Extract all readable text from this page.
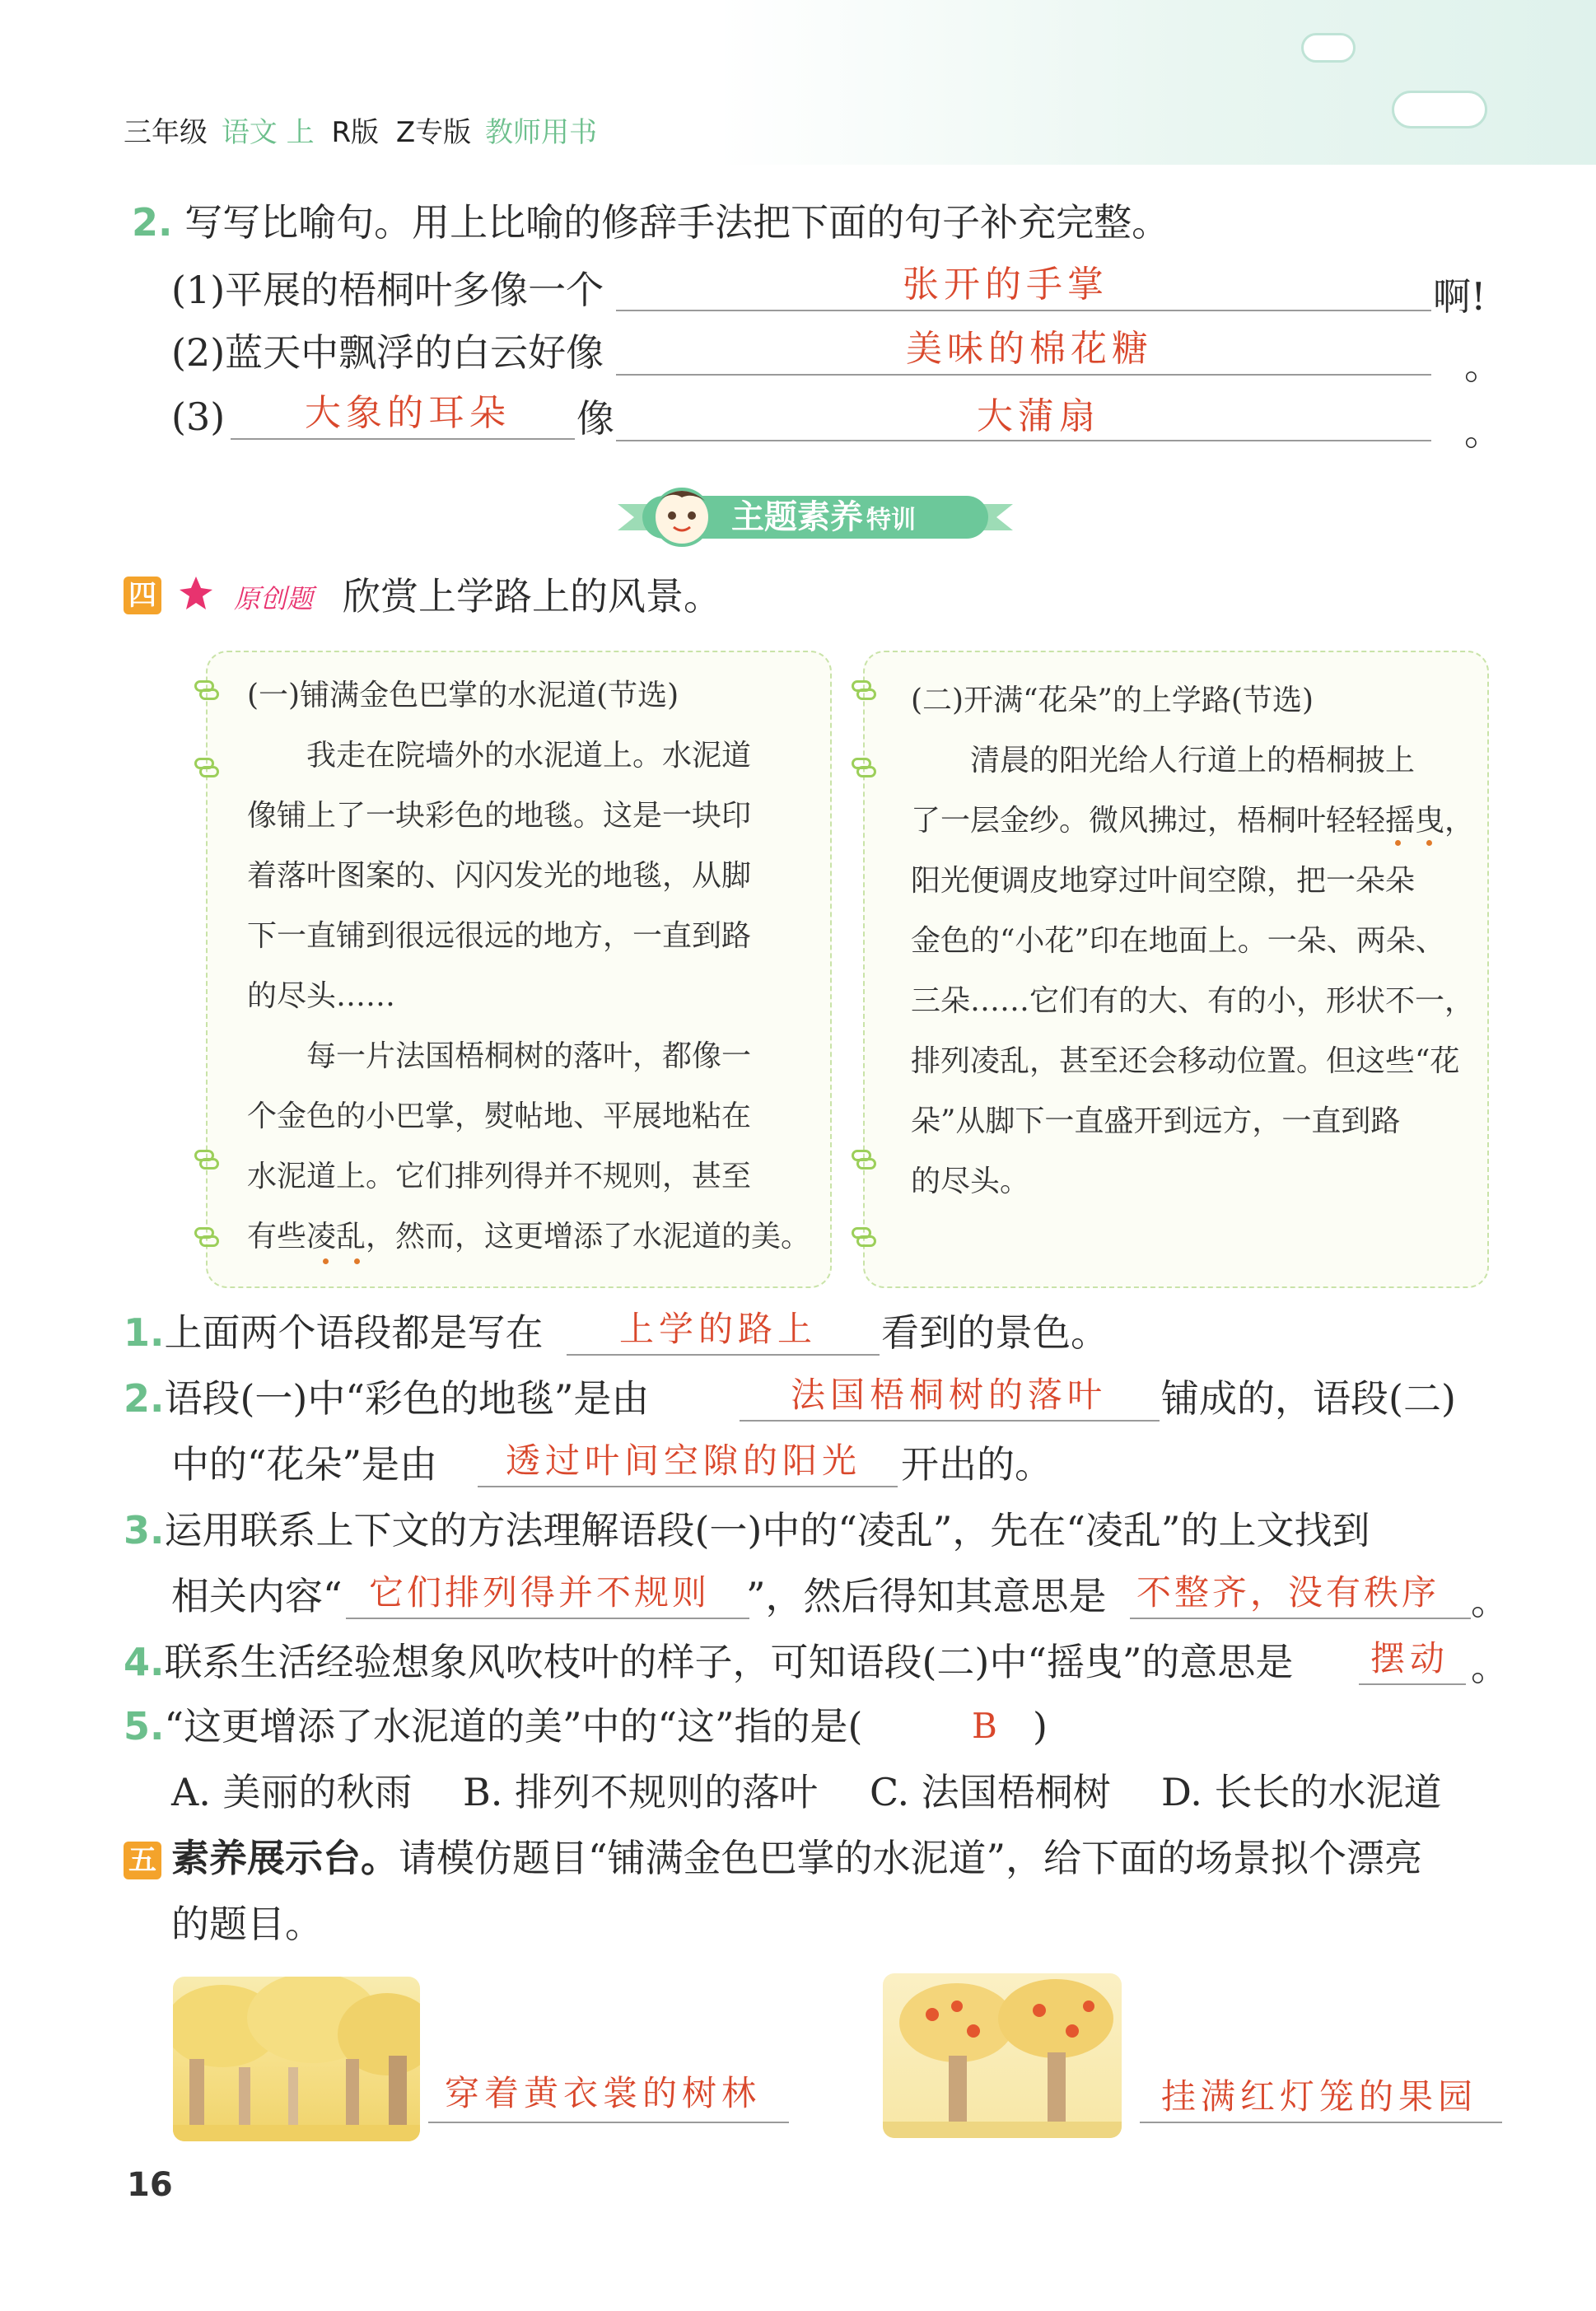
三年级 语文 上 R版 Z专版 教师用书
2. 写写比喻句。用上比喻的修辞手法把下面的句子补充完整。
(1)平展的梧桐叶多像一个	张开的手掌	啊!
(2)蓝天中飘浮的白云好像	美味的棉花糖	。
(3) 大象的耳朵 像	大蒲扇	。
主题素养 特训
四	原创题 欣赏上学路上的风景。
(一)铺满金色巴掌的水泥道(节选)
　　我走在院墙外的水泥道上。水泥道
像铺上了一块彩色的地毯。这是一块印
着落叶图案的、闪闪发光的地毯，从脚
下一直铺到很远很远的地方，一直到路
的尽头……
　　每一片法国梧桐树的落叶，都像一
个金色的小巴掌，熨帖地、平展地粘在
水泥道上。它们排列得并不规则，甚至
有些凌乱，然而，这更增添了水泥道的美。
(二)开满“花朵”的上学路(节选)
　　清晨的阳光给人行道上的梧桐披上
了一层金纱。微风拂过，梧桐叶轻轻摇曳，
阳光便调皮地穿过叶间空隙，把一朵朵
金色的“小花”印在地面上。一朵、两朵、
三朵……它们有的大、有的小，形状不一，
排列凌乱，甚至还会移动位置。但这些“花
朵”从脚下一直盛开到远方，一直到路
的尽头。
1.上面两个语段都是写在 上学的路上 看到的景色。
2.语段(一)中“彩色的地毯”是由	法国梧桐树的落叶 铺成的，语段(二)
中的“花朵”是由 透过叶间空隙的阳光 开出的。
3.运用联系上下文的方法理解语段(一)中的“凌乱”，先在“凌乱”的上文找到
相关内容“ 它们排列得并不规则 ”，然后得知其意思是 不整齐，没有秩序 。
4.联系生活经验想象风吹枝叶的样子，可知语段(二)中“摇曳”的意思是 摆动 。
5.“这更增添了水泥道的美”中的“这”指的是(	B )
A. 美丽的秋雨 B. 排列不规则的落叶 C. 法国梧桐树 D. 长长的水泥道
五 素养展示台。请模仿题目“铺满金色巴掌的水泥道”，给下面的场景拟个漂亮
的题目。
穿着黄衣裳的树林	挂满红灯笼的果园
16
